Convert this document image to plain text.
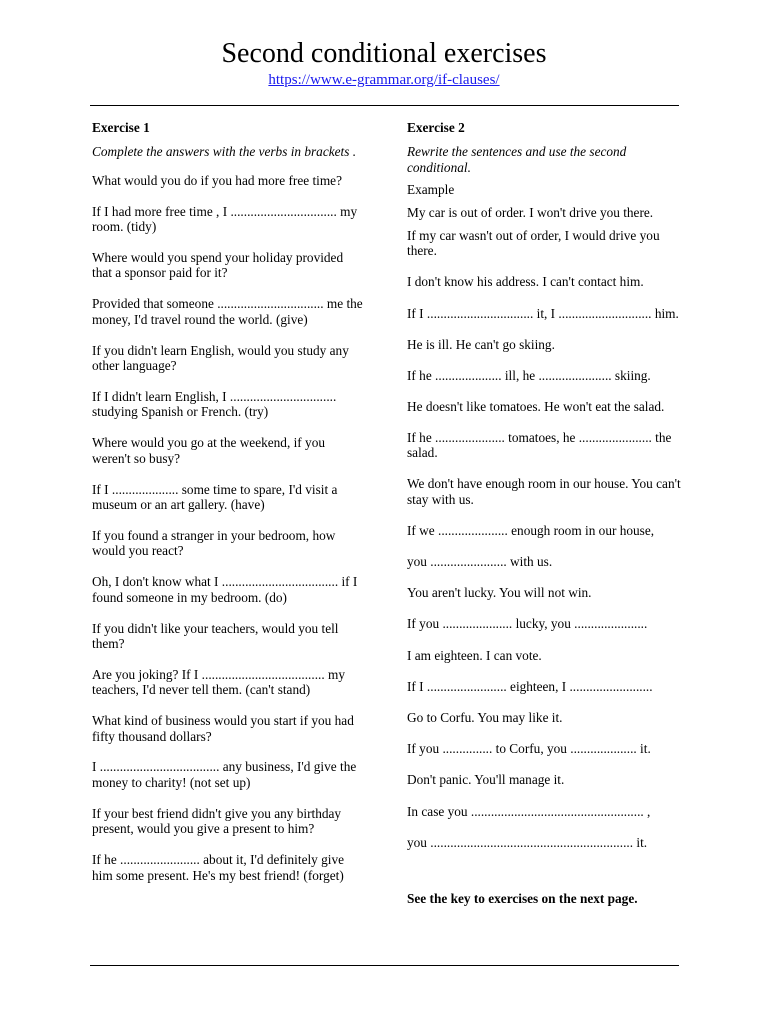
Second conditional exercises
https://www.e-grammar.org/if-clauses/
Exercise 1
Complete the answers with the verbs in brackets .
What would you do if you had more free time?
If I had more free time , I ................................ my room. (tidy)
Where would you spend your holiday provided that a sponsor paid for it?
Provided that someone ................................ me the money, I'd travel round the world. (give)
If you didn't learn English, would you study any other language?
If I didn't learn English, I ................................ studying Spanish or French. (try)
Where would you go at the weekend, if you weren't so busy?
If I .................... some time to spare, I'd visit a museum or an art gallery. (have)
If you found a stranger in your bedroom, how would you react?
Oh, I don't know what I ................................... if I found someone in my bedroom. (do)
If you didn't like your teachers, would you tell them?
Are you joking? If I ..................................... my teachers, I'd never tell them. (can't stand)
What kind of business would you start if you had fifty thousand dollars?
I .................................... any business, I'd give the money to charity! (not set up)
If your best friend didn't give you any birthday present, would you give a present to him?
If he ........................ about it, I'd definitely give him some present. He's my best friend! (forget)
Exercise 2
Rewrite the sentences and use the second conditional.
Example
My car is out of order. I won't drive you there.
If my car wasn't out of order, I would drive you there.
I don't know his address. I can't contact him.
If I ................................ it, I ............................ him.
He is ill. He can't go skiing.
If he .................... ill, he ...................... skiing.
He doesn't like tomatoes. He won't eat the salad.
If he ..................... tomatoes, he ...................... the salad.
We don't have enough room in our house. You can't stay with us.
If we ..................... enough room in our house,
you ....................... with us.
You aren't lucky. You will not win.
If you ..................... lucky, you ......................
I am eighteen. I can vote.
If I ........................ eighteen, I .........................
Go to Corfu. You may like it.
If you ............... to Corfu, you .................... it.
Don't panic. You'll manage it.
In case you .................................................... ,
you ............................................................. it.
See the key to exercises on the next page.
